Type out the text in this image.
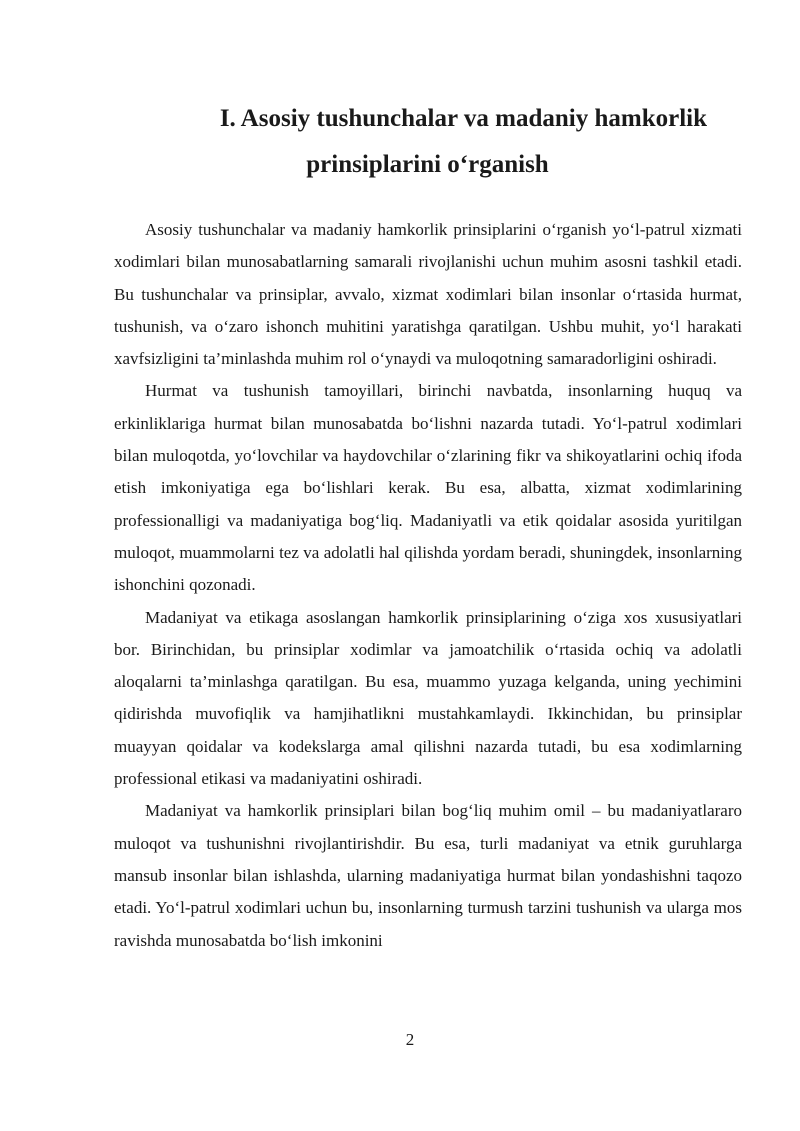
I. Asosiy tushunchalar va madaniy hamkorlik
prinsiplarini o‘rganish

Asosiy tushunchalar va madaniy hamkorlik prinsiplarini o‘rganish yo‘l-patrul xizmati xodimlari bilan munosabatlarning samarali rivojlanishi uchun muhim asosni tashkil etadi. Bu tushunchalar va prinsiplar, avvalo, xizmat xodimlari bilan insonlar o‘rtasida hurmat, tushunish, va o‘zaro ishonch muhitini yaratishga qaratilgan. Ushbu muhit, yo‘l harakati xavfsizligini ta’minlashda muhim rol o‘ynaydi va muloqotning samaradorligini oshiradi.

Hurmat va tushunish tamoyillari, birinchi navbatda, insonlarning huquq va erkinliklariga hurmat bilan munosabatda bo‘lishni nazarda tutadi. Yo‘l-patrul xodimlari bilan muloqotda, yo‘lovchilar va haydovchilar o‘zlarining fikr va shikoyatlarini ochiq ifoda etish imkoniyatiga ega bo‘lishlari kerak. Bu esa, albatta, xizmat xodimlarining professionalligi va madaniyatiga bog‘liq. Madaniyatli va etik qoidalar asosida yuritilgan muloqot, muammolarni tez va adolatli hal qilishda yordam beradi, shuningdek, insonlarning ishonchini qozonadi.

Madaniyat va etikaga asoslangan hamkorlik prinsiplarining o‘ziga xos xususiyatlari bor. Birinchidan, bu prinsiplar xodimlar va jamoatchilik o‘rtasida ochiq va adolatli aloqalarni ta’minlashga qaratilgan. Bu esa, muammo yuzaga kelganda, uning yechimini qidirishda muvofiqlik va hamjihatlikni mustahkamlaydi. Ikkinchidan, bu prinsiplar muayyan qoidalar va kodekslarga amal qilishni nazarda tutadi, bu esa xodimlarning professional etikasi va madaniyatini oshiradi.

Madaniyat va hamkorlik prinsiplari bilan bog‘liq muhim omil – bu madaniyatlararo muloqot va tushunishni rivojlantirishdir. Bu esa, turli madaniyat va etnik guruhlarga mansub insonlar bilan ishlashda, ularning madaniyatiga hurmat bilan yondashishni taqozo etadi. Yo‘l-patrul xodimlari uchun bu, insonlarning turmush tarzini tushunish va ularga mos ravishda munosabatda bo‘lish imkonini

2
